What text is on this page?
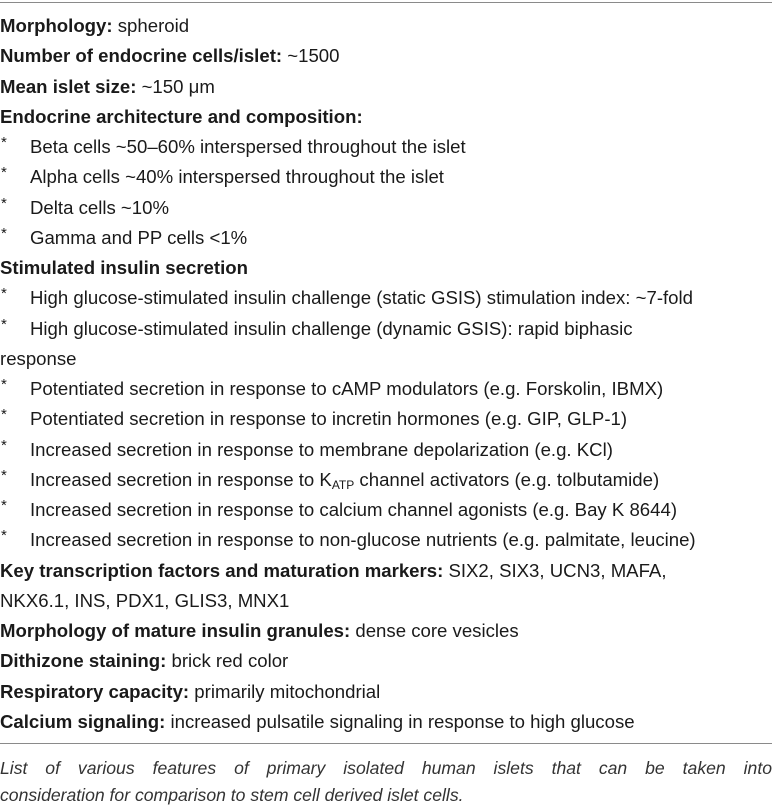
Morphology: spheroid
Number of endocrine cells/islet: ~1500
Mean islet size: ~150 μm
Endocrine architecture and composition:
* Beta cells ~50–60% interspersed throughout the islet
* Alpha cells ~40% interspersed throughout the islet
* Delta cells ~10%
* Gamma and PP cells <1%
Stimulated insulin secretion
* High glucose-stimulated insulin challenge (static GSIS) stimulation index: ~7-fold
* High glucose-stimulated insulin challenge (dynamic GSIS): rapid biphasic
response
* Potentiated secretion in response to cAMP modulators (e.g. Forskolin, IBMX)
* Potentiated secretion in response to incretin hormones (e.g. GIP, GLP-1)
* Increased secretion in response to membrane depolarization (e.g. KCl)
* Increased secretion in response to $K_{ATP}$ channel activators (e.g. tolbutamide)
* Increased secretion in response to calcium channel agonists (e.g. Bay K 8644)
* Increased secretion in response to non-glucose nutrients (e.g. palmitate, leucine)
Key transcription factors and maturation markers: SIX2, SIX3, UCN3, MAFA,
NKX6.1, INS, PDX1, GLIS3, MNX1
Morphology of mature insulin granules: dense core vesicles
Dithizone staining: brick red color
Respiratory capacity: primarily mitochondrial
Calcium signaling: increased pulsatile signaling in response to high glucose
List of various features of primary isolated human islets that can be taken into
consideration for comparison to stem cell derived islet cells.
